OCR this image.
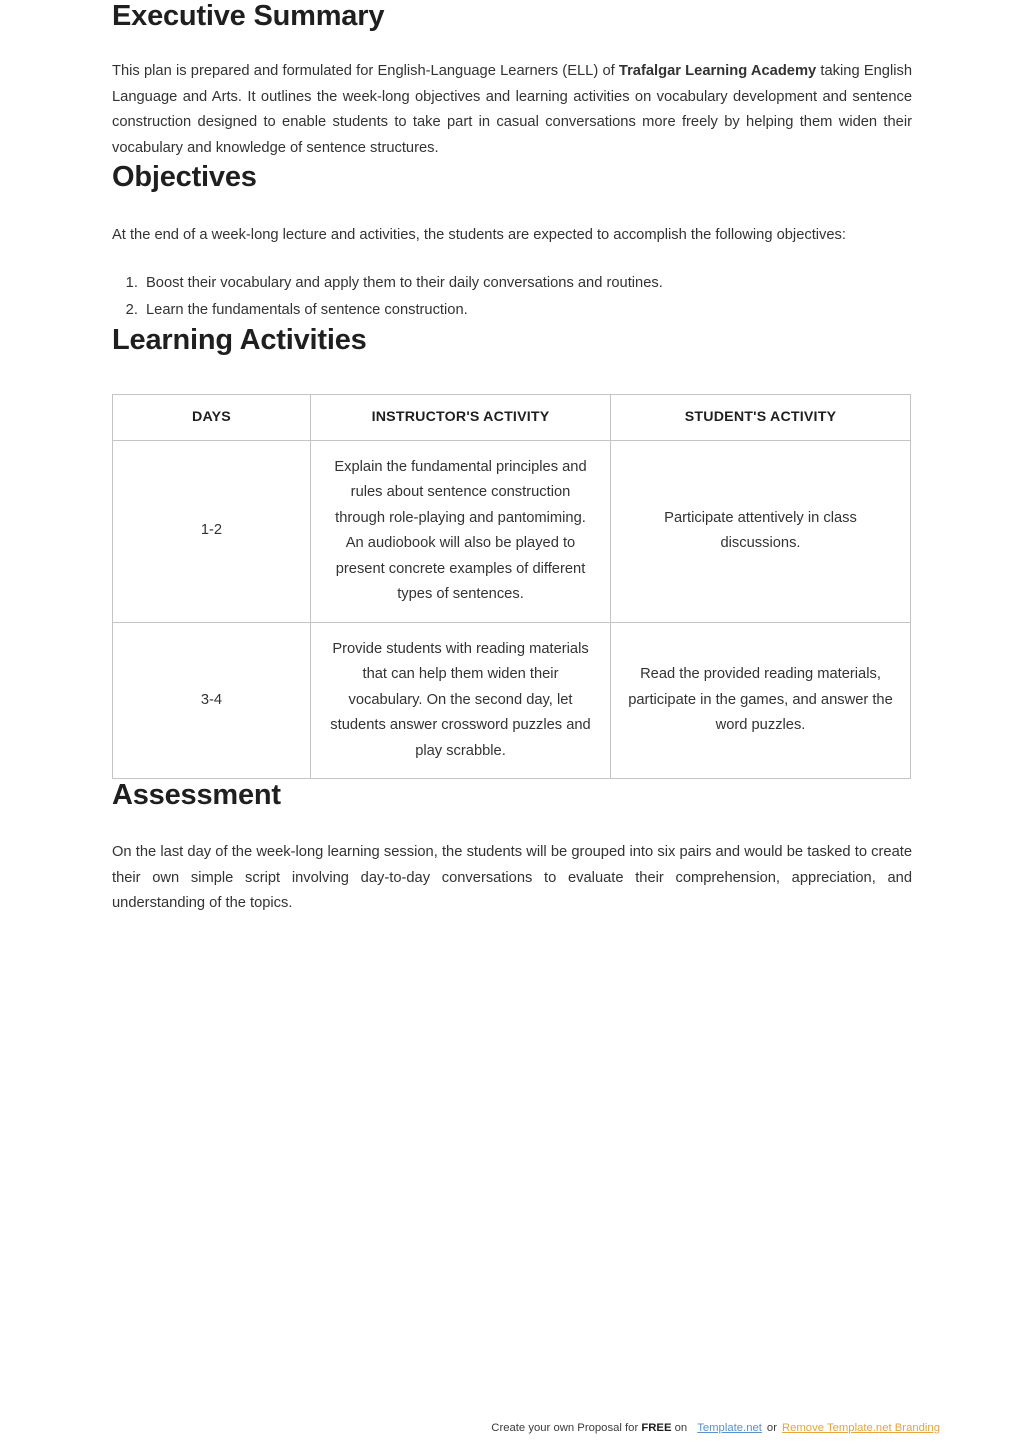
Executive Summary

This plan is prepared and formulated for English-Language Learners (ELL) of Trafalgar Learning Academy taking English Language and Arts. It outlines the week-long objectives and learning activities on vocabulary development and sentence construction designed to enable students to take part in casual conversations more freely by helping them widen their vocabulary and knowledge of sentence structures.

Objectives

At the end of a week-long lecture and activities, the students are expected to accomplish the following objectives:

1. Boost their vocabulary and apply them to their daily conversations and routines.
2. Learn the fundamentals of sentence construction.
Learning Activities
DAYS	INSTRUCTOR'S ACTIVITY	STUDENT'S ACTIVITY
1-2	Explain the fundamental principles and rules about sentence construction through role-playing and pantomiming. An audiobook will also be played to present concrete examples of different types of sentences.	Participate attentively in class discussions.
3-4	Provide students with reading materials that can help them widen their vocabulary. On the second day, let students answer crossword puzzles and play scrabble.	Read the provided reading materials, participate in the games, and answer the word puzzles.
Assessment

On the last day of the week-long learning session, the students will be grouped into six pairs and would be tasked to create their own simple script involving day-to-day conversations to evaluate their comprehension, appreciation, and understanding of the topics.

Create your own Proposal for FREE on Template.net or Remove Template.net Branding
